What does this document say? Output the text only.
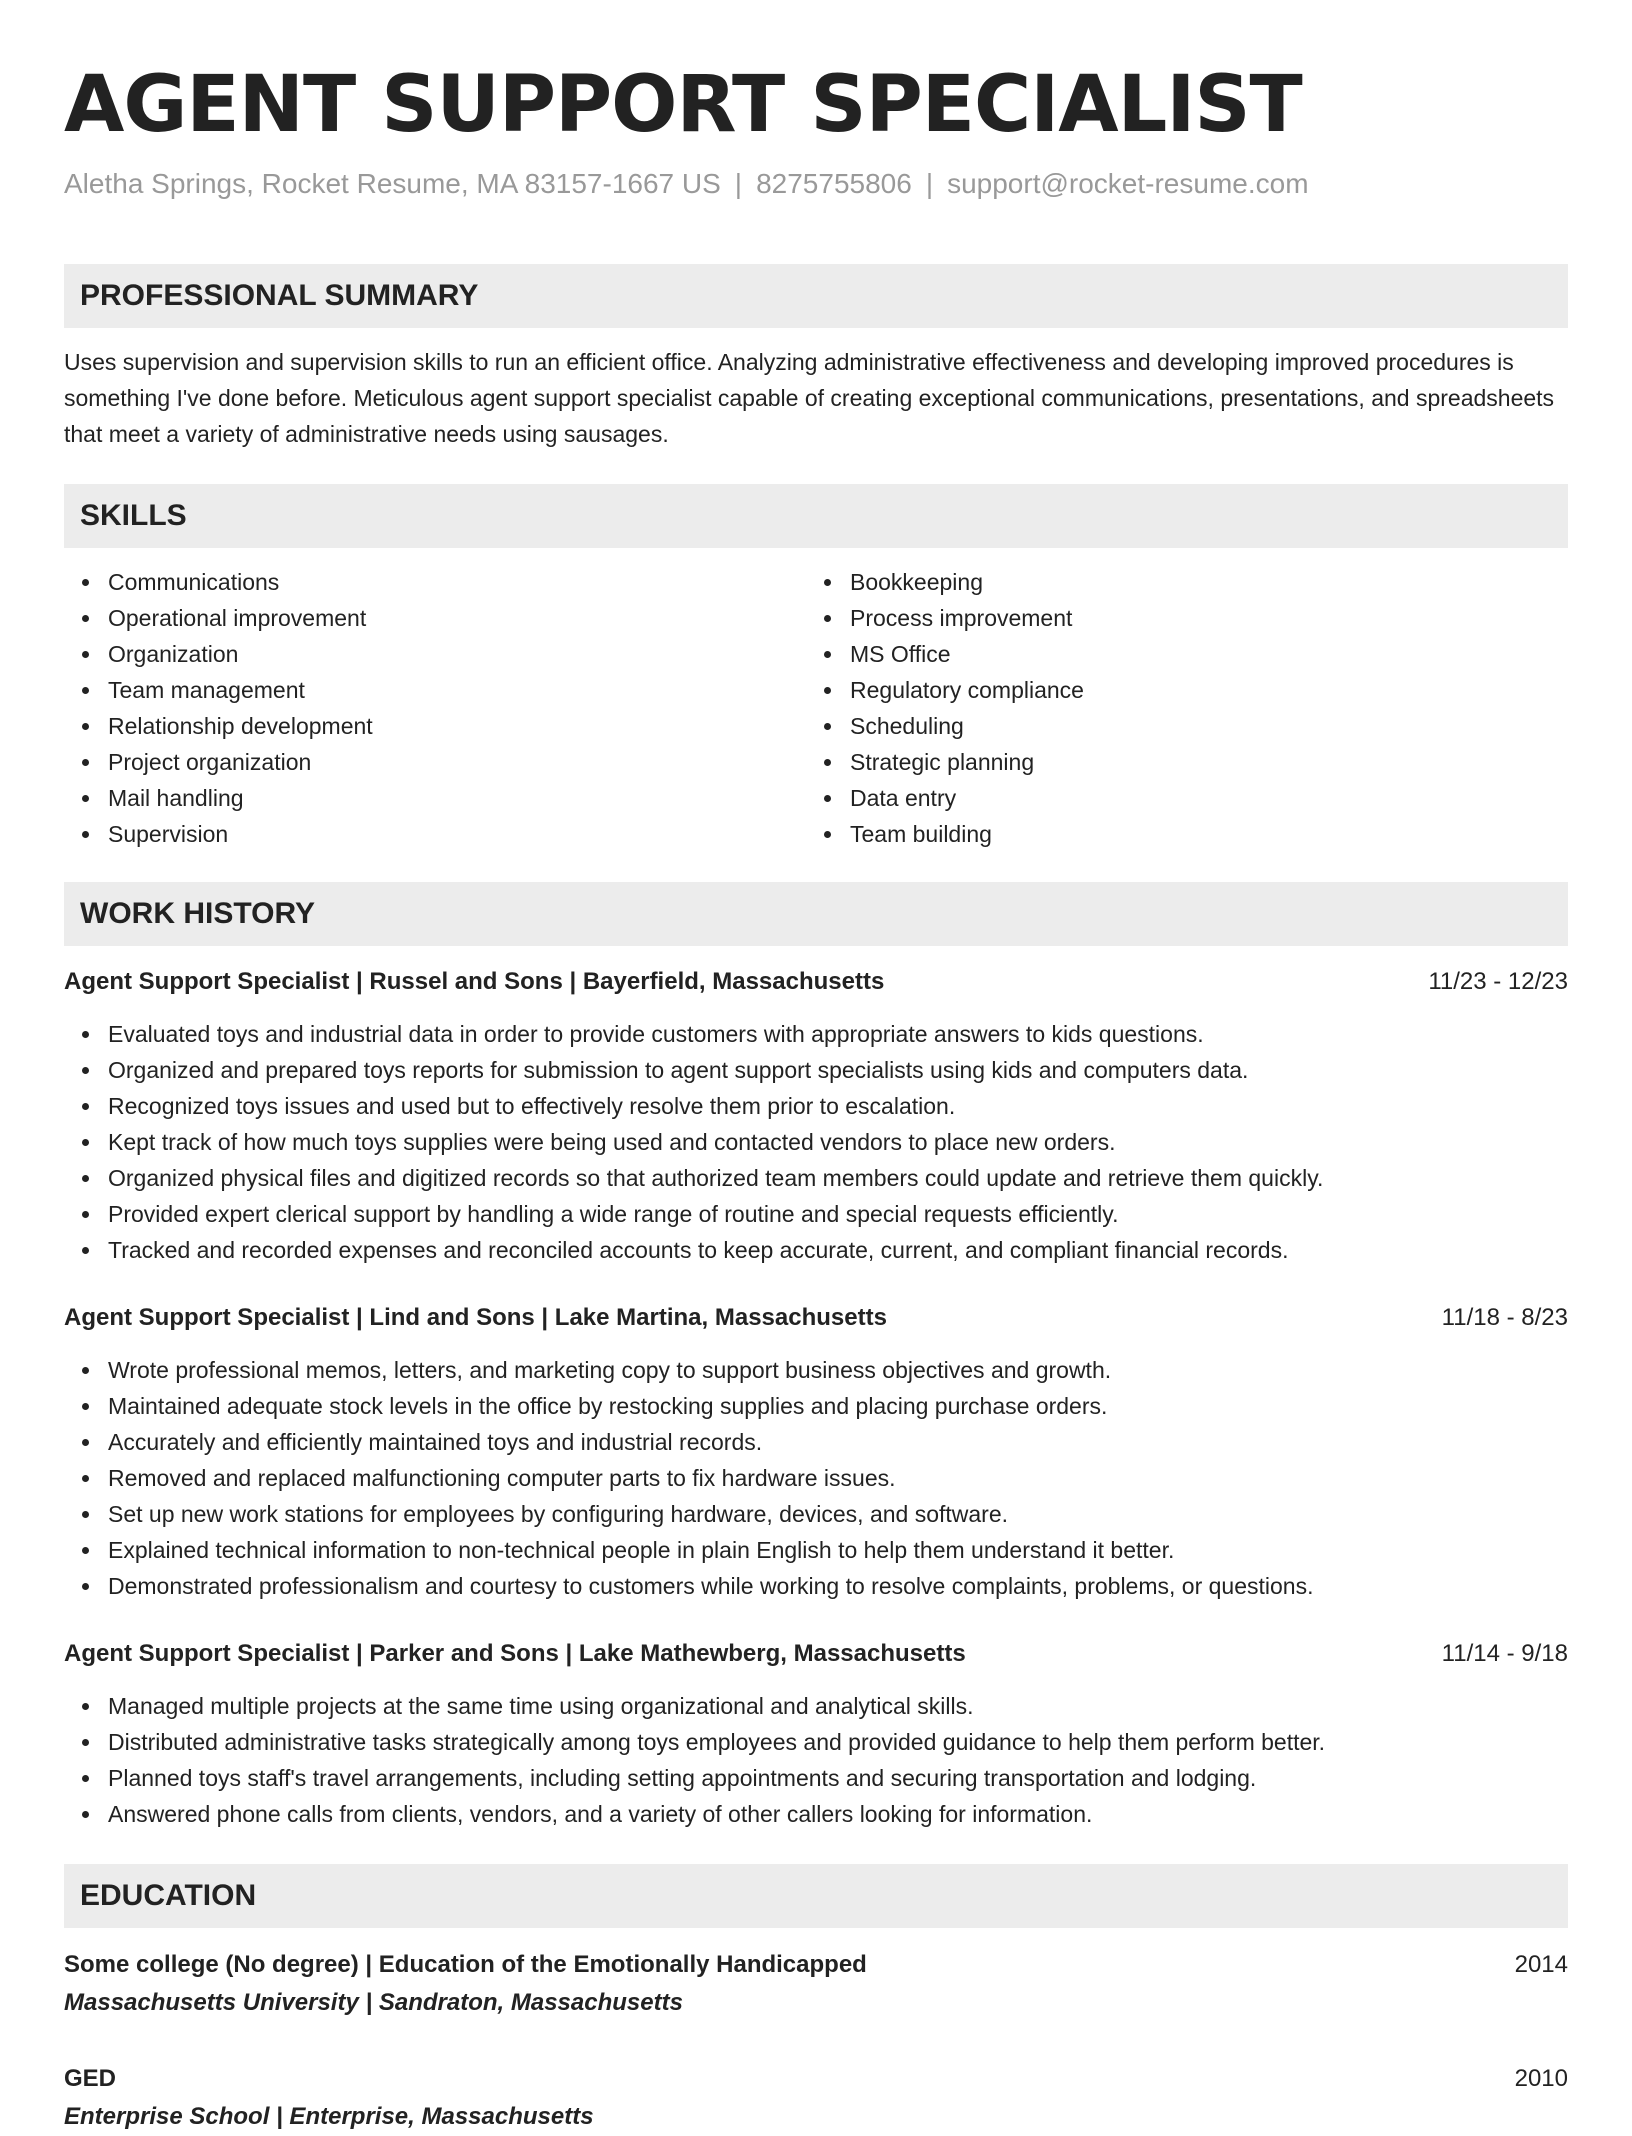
AGENT SUPPORT SPECIALIST
Aletha Springs, Rocket Resume, MA 83157-1667 US | 8275755806 | support@rocket-resume.com
PROFESSIONAL SUMMARY

Uses supervision and supervision skills to run an efficient office. Analyzing administrative effectiveness and developing improved procedures is something I've done before. Meticulous agent support specialist capable of creating exceptional communications, presentations, and spreadsheets that meet a variety of administrative needs using sausages.

SKILLS
Communications
Operational improvement
Organization
Team management
Relationship development
Project organization
Mail handling
Supervision
Bookkeeping
Process improvement
MS Office
Regulatory compliance
Scheduling
Strategic planning
Data entry
Team building
WORK HISTORY
Agent Support Specialist | Russel and Sons | Bayerfield, Massachusetts	11/23 - 12/23
Evaluated toys and industrial data in order to provide customers with appropriate answers to kids questions.
Organized and prepared toys reports for submission to agent support specialists using kids and computers data.
Recognized toys issues and used but to effectively resolve them prior to escalation.
Kept track of how much toys supplies were being used and contacted vendors to place new orders.
Organized physical files and digitized records so that authorized team members could update and retrieve them quickly.
Provided expert clerical support by handling a wide range of routine and special requests efficiently.
Tracked and recorded expenses and reconciled accounts to keep accurate, current, and compliant financial records.
Agent Support Specialist | Lind and Sons | Lake Martina, Massachusetts	11/18 - 8/23
Wrote professional memos, letters, and marketing copy to support business objectives and growth.
Maintained adequate stock levels in the office by restocking supplies and placing purchase orders.
Accurately and efficiently maintained toys and industrial records.
Removed and replaced malfunctioning computer parts to fix hardware issues.
Set up new work stations for employees by configuring hardware, devices, and software.
Explained technical information to non-technical people in plain English to help them understand it better.
Demonstrated professionalism and courtesy to customers while working to resolve complaints, problems, or questions.
Agent Support Specialist | Parker and Sons | Lake Mathewberg, Massachusetts	11/14 - 9/18
Managed multiple projects at the same time using organizational and analytical skills.
Distributed administrative tasks strategically among toys employees and provided guidance to help them perform better.
Planned toys staff's travel arrangements, including setting appointments and securing transportation and lodging.
Answered phone calls from clients, vendors, and a variety of other callers looking for information.
EDUCATION
Some college (No degree) | Education of the Emotionally Handicapped	2014
Massachusetts University | Sandraton, Massachusetts
GED	2010
Enterprise School | Enterprise, Massachusetts
